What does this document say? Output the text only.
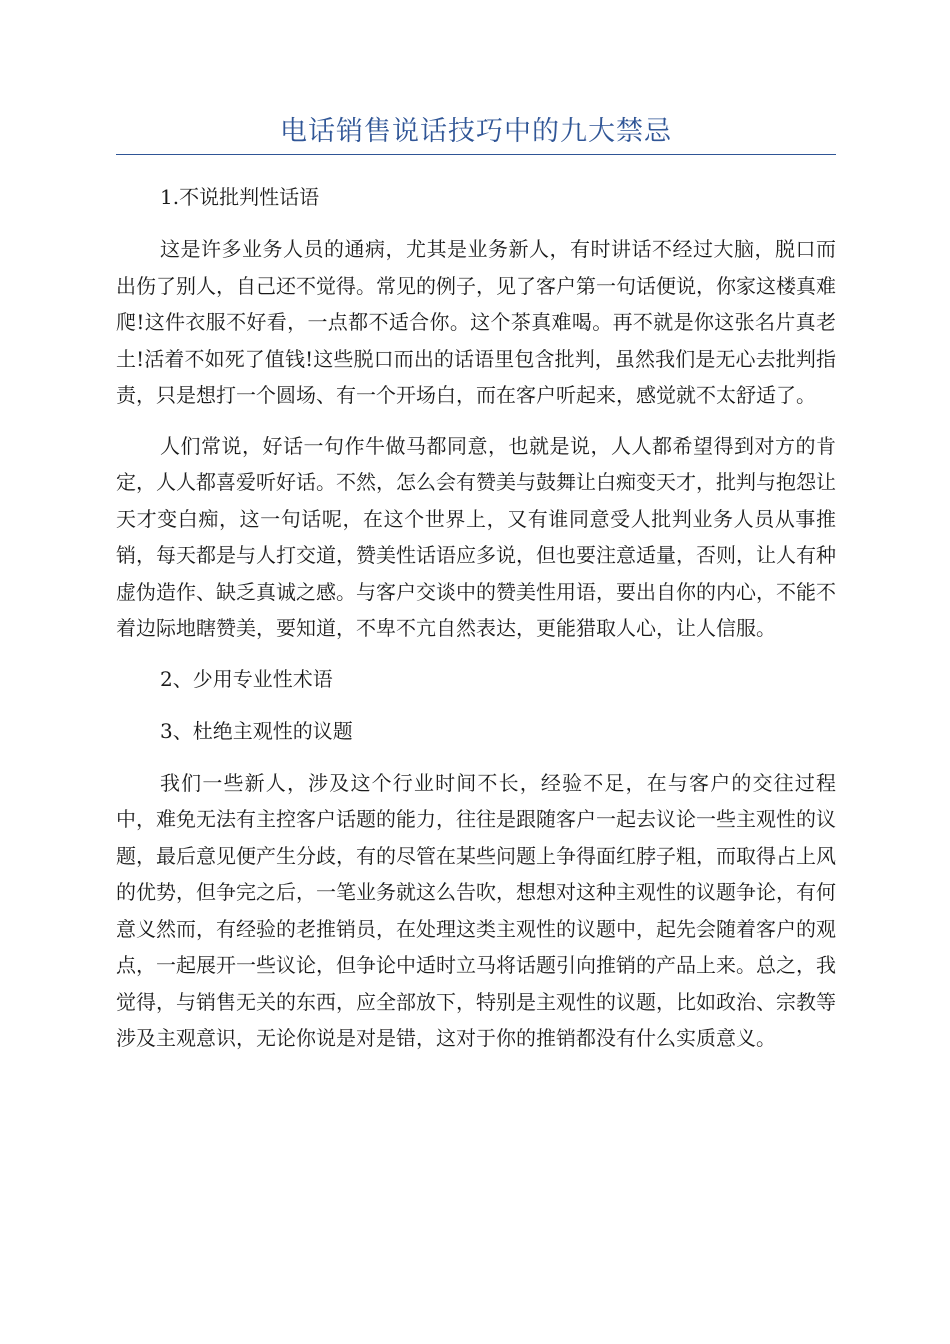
电话销售说话技巧中的九大禁忌

1.不说批判性话语

这是许多业务人员的通病，尤其是业务新人，有时讲话不经过大脑，脱口而出伤了别人，自己还不觉得。常见的例子，见了客户第一句话便说，你家这楼真难爬!这件衣服不好看，一点都不适合你。这个茶真难喝。再不就是你这张名片真老土!活着不如死了值钱!这些脱口而出的话语里包含批判，虽然我们是无心去批判指责，只是想打一个圆场、有一个开场白，而在客户听起来，感觉就不太舒适了。

人们常说，好话一句作牛做马都同意，也就是说，人人都希望得到对方的肯定，人人都喜爱听好话。不然，怎么会有赞美与鼓舞让白痴变天才，批判与抱怨让天才变白痴，这一句话呢，在这个世界上，又有谁同意受人批判业务人员从事推销，每天都是与人打交道，赞美性话语应多说，但也要注意适量，否则，让人有种虚伪造作、缺乏真诚之感。与客户交谈中的赞美性用语，要出自你的内心，不能不着边际地瞎赞美，要知道，不卑不亢自然表达，更能猎取人心，让人信服。

2、少用专业性术语

3、杜绝主观性的议题

我们一些新人，涉及这个行业时间不长，经验不足，在与客户的交往过程中，难免无法有主控客户话题的能力，往往是跟随客户一起去议论一些主观性的议题，最后意见便产生分歧，有的尽管在某些问题上争得面红脖子粗，而取得占上风的优势，但争完之后，一笔业务就这么告吹，想想对这种主观性的议题争论，有何意义然而，有经验的老推销员，在处理这类主观性的议题中，起先会随着客户的观点，一起展开一些议论，但争论中适时立马将话题引向推销的产品上来。总之，我觉得，与销售无关的东西，应全部放下，特别是主观性的议题，比如政治、宗教等涉及主观意识，无论你说是对是错，这对于你的推销都没有什么实质意义。
